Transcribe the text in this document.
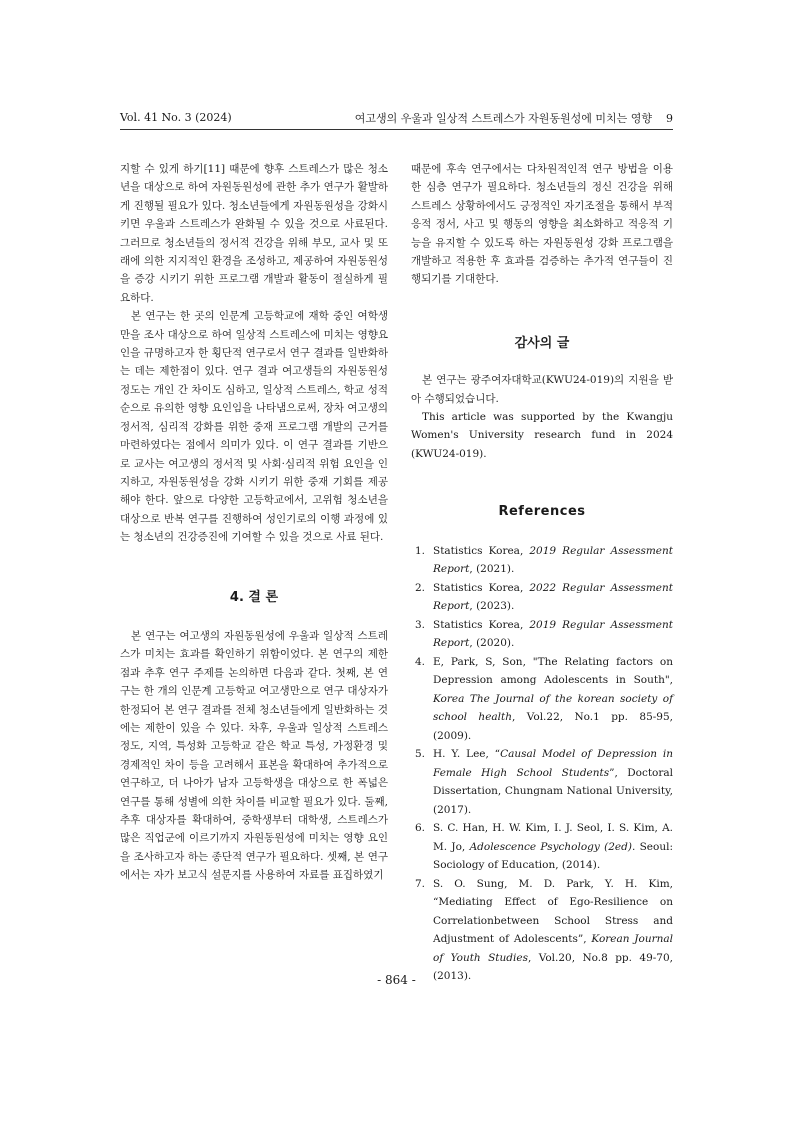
Vol. 41 No. 3 (2024)	여고생의 우울과 일상적 스트레스가 자원동원성에 미치는 영향 9

지할 수 있게 하기[11] 때문에 향후 스트레스가 많은 청소년을 대상으로 하여 자원동원성에 관한 추가 연구가 활발하게 진행될 필요가 있다. 청소년들에게 자원동원성을 강화시키면 우울과 스트레스가 완화될 수 있을 것으로 사료된다. 그러므로 청소년들의 정서적 건강을 위해 부모, 교사 및 또래에 의한 지지적인 환경을 조성하고, 제공하여 자원동원성을 증강 시키기 위한 프로그램 개발과 활동이 절실하게 필요하다.

본 연구는 한 곳의 인문계 고등학교에 재학 중인 여학생만을 조사 대상으로 하여 일상적 스트레스에 미치는 영향요인을 규명하고자 한 횡단적 연구로서 연구 결과를 일반화하는 데는 제한점이 있다. 연구 결과 여고생들의 자원동원성 정도는 개인 간 차이도 심하고, 일상적 스트레스, 학교 성적순으로 유의한 영향 요인임을 나타냄으로써, 장차 여고생의 정서적, 심리적 강화를 위한 중재 프로그램 개발의 근거를 마련하였다는 점에서 의미가 있다. 이 연구 결과를 기반으로 교사는 여고생의 정서적 및 사회·심리적 위험 요인을 인지하고, 자원동원성을 강화 시키기 위한 중재 기회를 제공해야 한다. 앞으로 다양한 고등학교에서, 고위험 청소년을 대상으로 반복 연구를 진행하여 성인기로의 이행 과정에 있는 청소년의 건강증진에 기여할 수 있을 것으로 사료 된다.

4. 결 론

본 연구는 여고생의 자원동원성에 우울과 일상적 스트레스가 미치는 효과를 확인하기 위함이었다. 본 연구의 제한점과 추후 연구 주제를 논의하면 다음과 같다. 첫째, 본 연구는 한 개의 인문계 고등학교 여고생만으로 연구 대상자가 한정되어 본 연구 결과를 전체 청소년들에게 일반화하는 것에는 제한이 있을 수 있다. 차후, 우울과 일상적 스트레스 정도, 지역, 특성화 고등학교 같은 학교 특성, 가정환경 및 경제적인 차이 등을 고려해서 표본을 확대하여 추가적으로 연구하고, 더 나아가 남자 고등학생을 대상으로 한 폭넓은 연구를 통해 성별에 의한 차이를 비교할 필요가 있다. 둘째, 추후 대상자를 확대하여, 중학생부터 대학생, 스트레스가 많은 직업군에 이르기까지 자원동원성에 미치는 영향 요인을 조사하고자 하는 종단적 연구가 필요하다. 셋째, 본 연구에서는 자가 보고식 설문지를 사용하여 자료를 표집하였기

때문에 후속 연구에서는 다차원적인적 연구 방법을 이용한 심층 연구가 필요하다. 청소년들의 정신 건강을 위해 스트레스 상황하에서도 긍정적인 자기조절을 통해서 부적응적 정서, 사고 및 행동의 영향을 최소화하고 적응적 기능을 유지할 수 있도록 하는 자원동원성 강화 프로그램을 개발하고 적용한 후 효과를 검증하는 추가적 연구들이 진행되기를 기대한다.

감사의 글

본 연구는 광주여자대학교(KWU24-019)의 지원을 받아 수행되었습니다.

This article was supported by the Kwangju Women's University research fund in 2024 (KWU24-019).

References
1. Statistics Korea, 2019 Regular Assessment Report, (2021).
2. Statistics Korea, 2022 Regular Assessment Report, (2023).
3. Statistics Korea, 2019 Regular Assessment Report, (2020).
4. E, Park, S, Son, "The Relating factors on Depression among Adolescents in South", Korea The Journal of the korean society of school health, Vol.22, No.1 pp. 85-95, (2009).
5. H. Y. Lee, “Causal Model of Depression in Female High School Students”, Doctoral Dissertation, Chungnam National University, (2017).
6. S. C. Han, H. W. Kim, I. J. Seol, I. S. Kim, A. M. Jo, Adolescence Psychology (2ed). Seoul: Sociology of Education, (2014).
7. S. O. Sung, M. D. Park, Y. H. Kim, “Mediating Effect of Ego-Resilience on Correlationbetween School Stress and Adjustment of Adolescents”, Korean Journal of Youth Studies, Vol.20, No.8 pp. 49-70, (2013).
- 864 -
